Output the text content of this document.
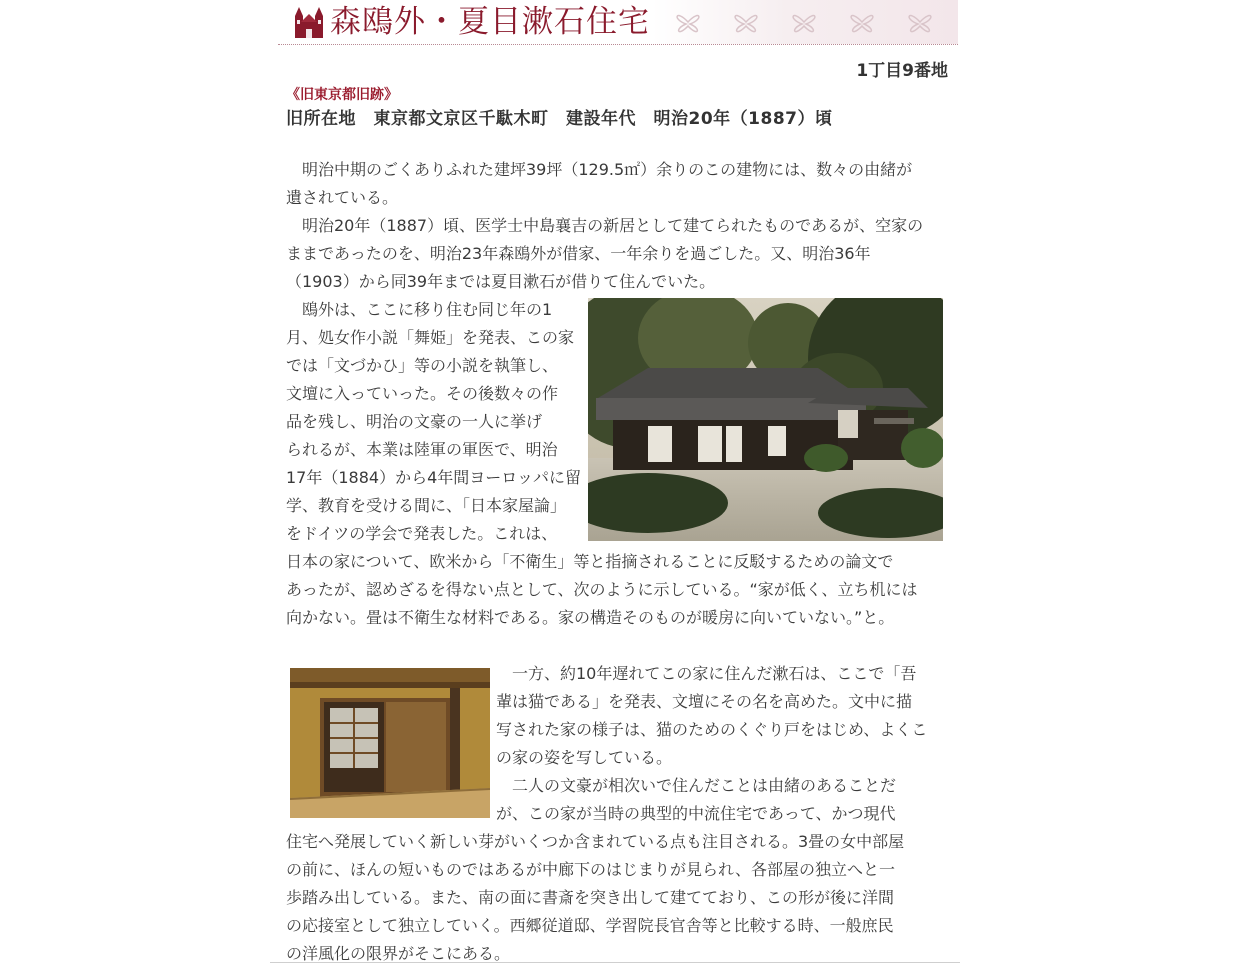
森鴎外・夏目漱石住宅
1丁目9番地
《旧東京都旧跡》
旧所在地　東京都文京区千駄木町　建設年代　明治20年（1887）頃
　明治中期のごくありふれた建坪39坪（129.5㎡）余りのこの建物には、数々の由緒が
遺されている。
　明治20年（1887）頃、医学士中島襄吉の新居として建てられたものであるが、空家の
ままであったのを、明治23年森鴎外が借家、一年余りを過ごした。又、明治36年
（1903）から同39年までは夏目漱石が借りて住んでいた。
　鴎外は、ここに移り住む同じ年の1
月、処女作小説「舞姫」を発表、この家
では「文づかひ」等の小説を執筆し、
文壇に入っていった。その後数々の作
品を残し、明治の文豪の一人に挙げ
られるが、本業は陸軍の軍医で、明治
17年（1884）から4年間ヨーロッパに留
学、教育を受ける間に、「日本家屋論」
をドイツの学会で発表した。これは、
日本の家について、欧米から「不衛生」等と指摘されることに反駁するための論文で
あったが、認めざるを得ない点として、次のように示している。“家が低く、立ち机には
向かない。畳は不衛生な材料である。家の構造そのものが暖房に向いていない。”と。
　一方、約10年遅れてこの家に住んだ漱石は、ここで「吾
輩は猫である」を発表、文壇にその名を高めた。文中に描
写された家の様子は、猫のためのくぐり戸をはじめ、よくこ
の家の姿を写している。
　二人の文豪が相次いで住んだことは由緒のあることだ
が、この家が当時の典型的中流住宅であって、かつ現代
住宅へ発展していく新しい芽がいくつか含まれている点も注目される。3畳の女中部屋
の前に、ほんの短いものではあるが中廊下のはじまりが見られ、各部屋の独立へと一
歩踏み出している。また、南の面に書斎を突き出して建てており、この形が後に洋間
の応接室として独立していく。西郷従道邸、学習院長官舎等と比較する時、一般庶民
の洋風化の限界がそこにある。
